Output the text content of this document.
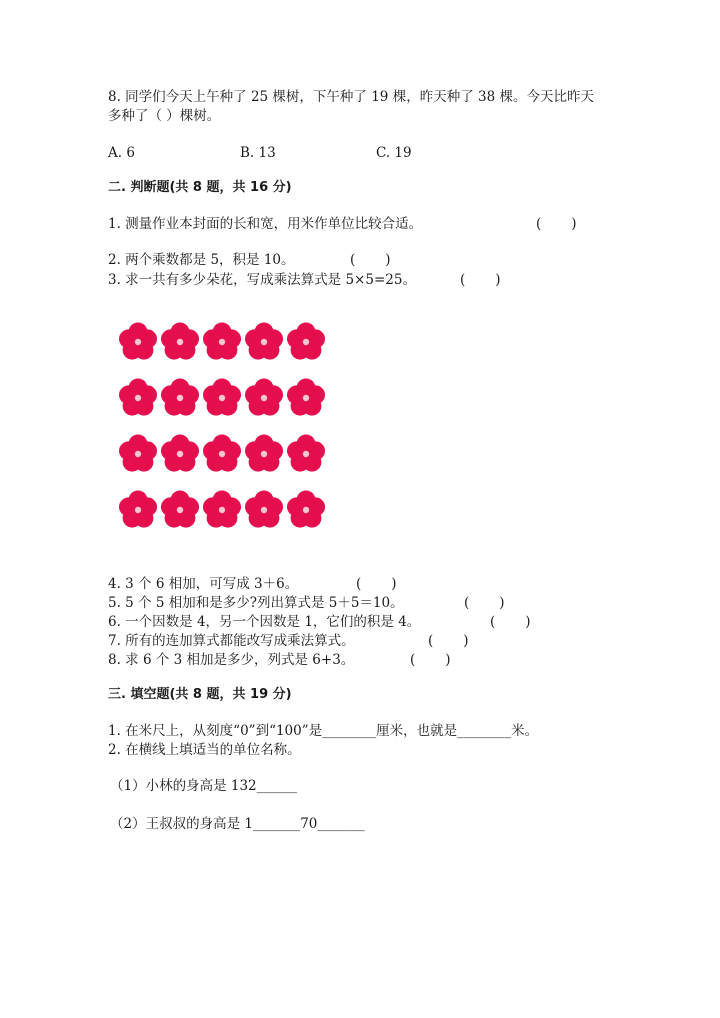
8. 同学们今天上午种了 25 棵树，下午种了 19 棵，昨天种了 38 棵。今天比昨天
多种了（ ）棵树。
A. 6	B. 13	C. 19
二. 判断题(共 8 题，共 16 分)
1. 测量作业本封面的长和宽，用米作单位比较合适。	(       )
2. 两个乘数都是 5，积是 10。	(       )
3. 求一共有多少朵花，写成乘法算式是 5×5=25。	(       )
4. 3 个 6 相加，可写成 3＋6。	(       )
5. 5 个 5 相加和是多少?列出算式是 5＋5＝10。	(       )
6. 一个因数是 4，另一个因数是 1，它们的积是 4。	(       )
7. 所有的连加算式都能改写成乘法算式。	(       )
8. 求 6 个 3 相加是多少，列式是 6+3。	(       )
三. 填空题(共 8 题，共 19 分)
1. 在米尺上，从刻度“0”到“100”是________厘米，也就是________米。
2. 在横线上填适当的单位名称。
（1）小林的身高是 132______
（2）王叔叔的身高是 1_______70_______
